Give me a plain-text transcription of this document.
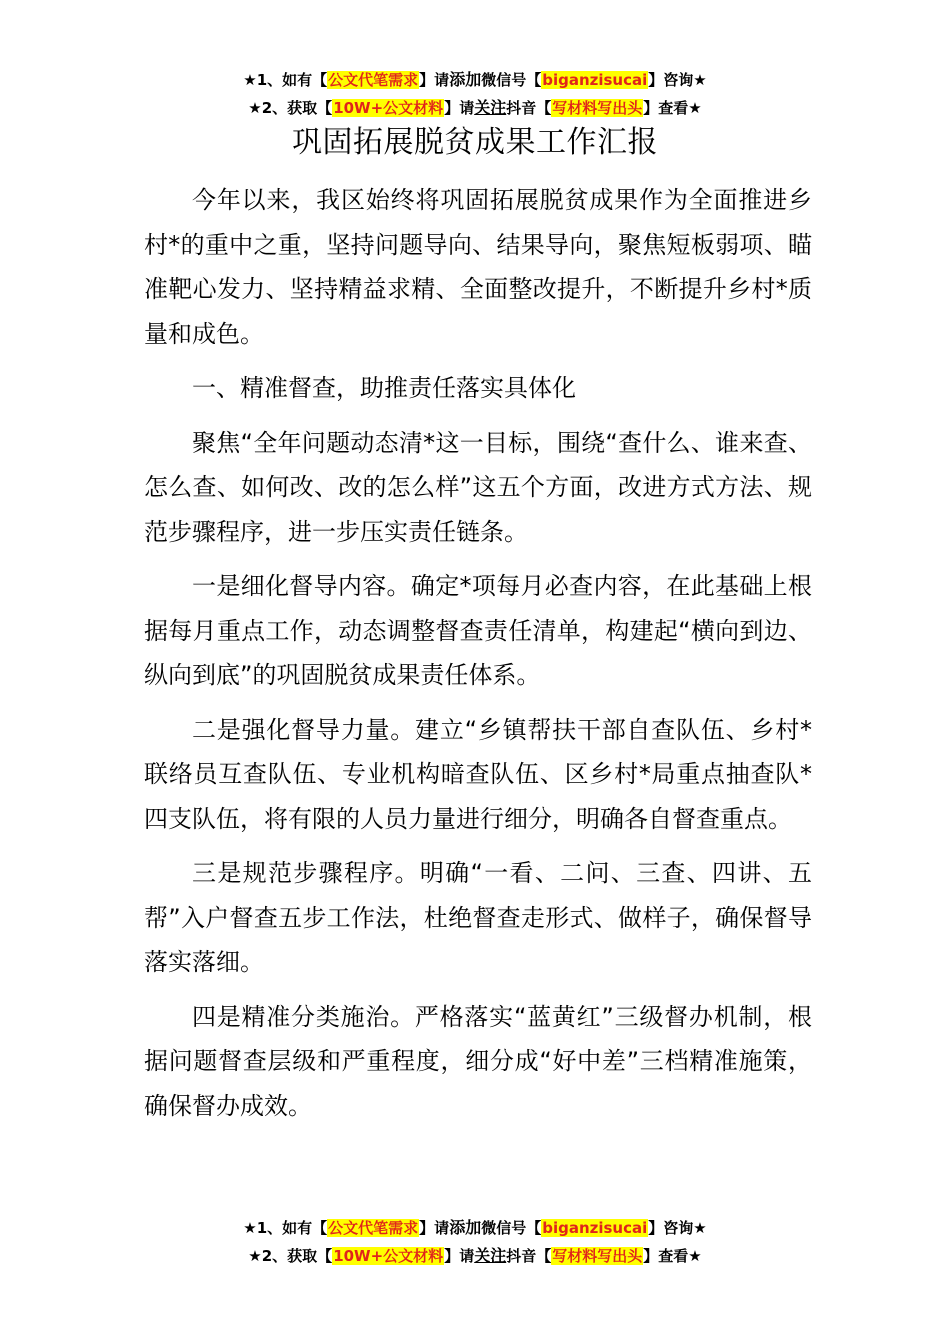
★1、如有【公文代笔需求】请添加微信号【biganzisucai】咨询★
★2、获取【10W+公文材料】请关注抖音【写材料写出头】查看★
巩固拓展脱贫成果工作汇报

今年以来，我区始终将巩固拓展脱贫成果作为全面推进乡村*的重中之重，坚持问题导向、结果导向，聚焦短板弱项、瞄准靶心发力、坚持精益求精、全面整改提升，不断提升乡村*质量和成色。

一、精准督查，助推责任落实具体化

聚焦“全年问题动态清*这一目标，围绕“查什么、谁来查、怎么查、如何改、改的怎么样”这五个方面，改进方式方法、规范步骤程序，进一步压实责任链条。

一是细化督导内容。确定*项每月必查内容，在此基础上根据每月重点工作，动态调整督查责任清单，构建起“横向到边、纵向到底”的巩固脱贫成果责任体系。

二是强化督导力量。建立“乡镇帮扶干部自查队伍、乡村*联络员互查队伍、专业机构暗查队伍、区乡村*局重点抽查队*四支队伍，将有限的人员力量进行细分，明确各自督查重点。

三是规范步骤程序。明确“一看、二问、三查、四讲、五帮”入户督查五步工作法，杜绝督查走形式、做样子，确保督导落实落细。

四是精准分类施治。严格落实“蓝黄红”三级督办机制，根据问题督查层级和严重程度，细分成“好中差”三档精准施策，确保督办成效。

★1、如有【公文代笔需求】请添加微信号【biganzisucai】咨询★
★2、获取【10W+公文材料】请关注抖音【写材料写出头】查看★
